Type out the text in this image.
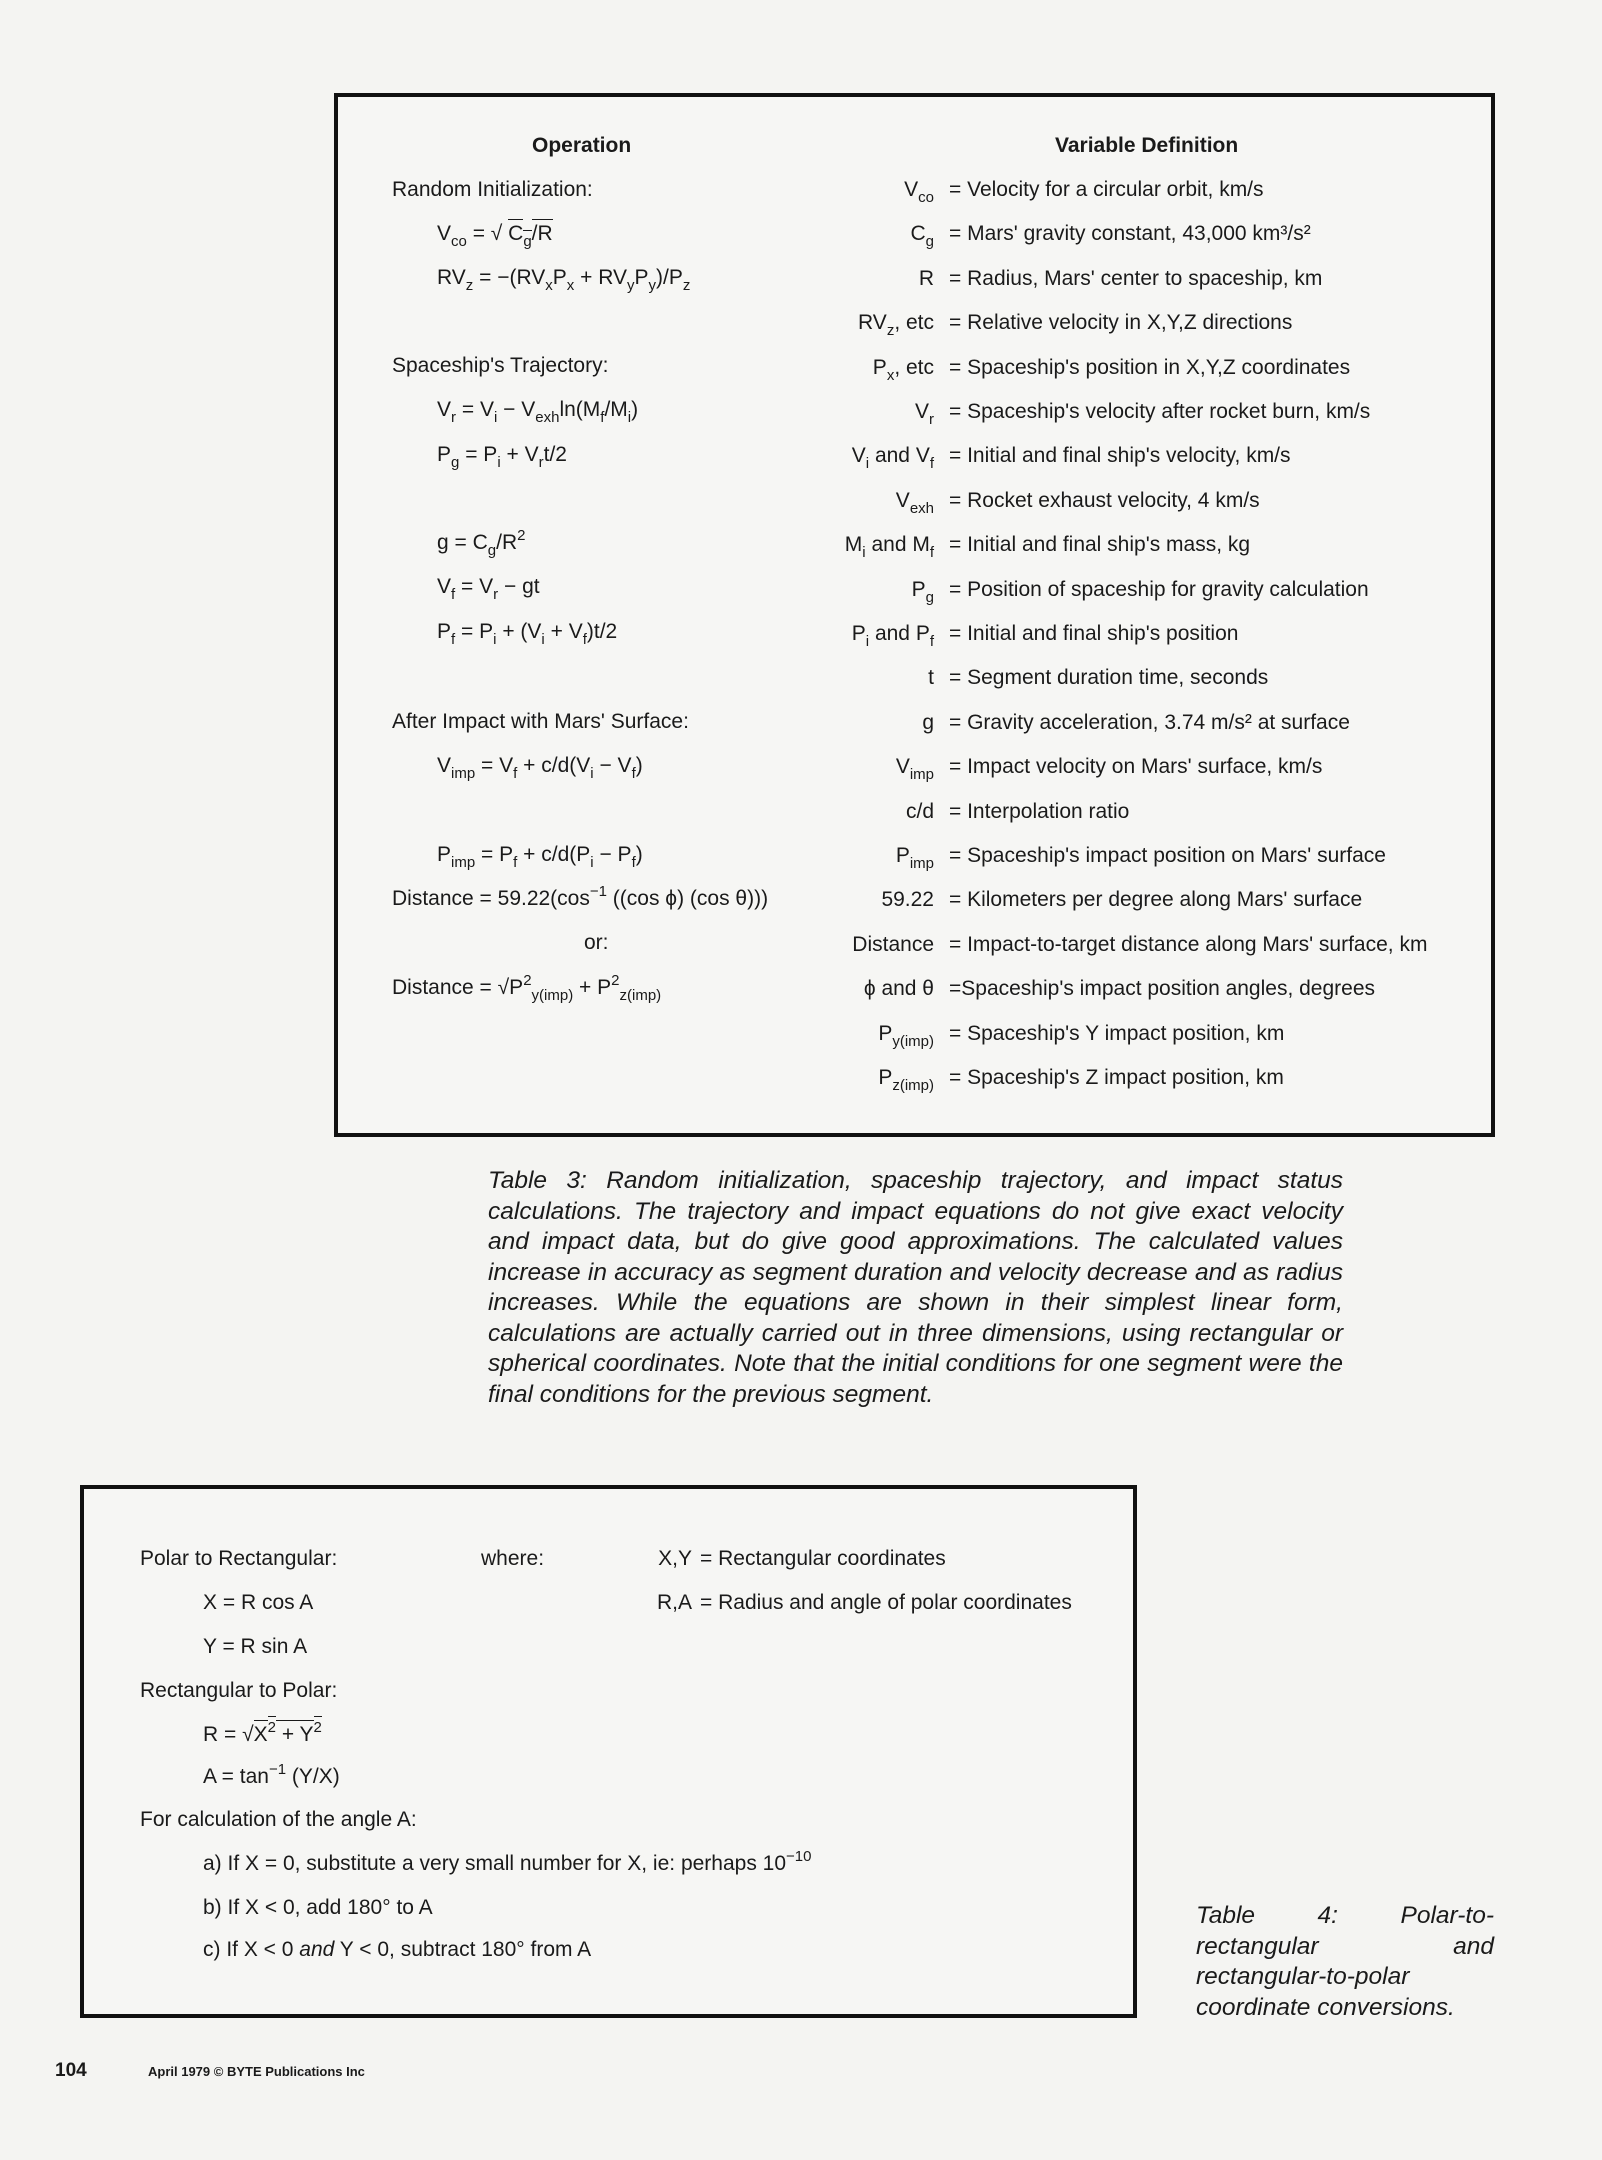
Operation	Variable Definition
Table 3: Random initialization, spaceship trajectory, and impact status calculations. The trajectory and impact equations do not give exact velocity and impact data, but do give good approximations. The calculated values increase in accuracy as segment duration and velocity decrease and as radius increases. While the equations are shown in their simplest linear form, calculations are actually carried out in three dimensions, using rectangular or spherical coordinates. Note that the initial conditions for one segment were the final conditions for the previous segment.
where:
Table 4: Polar-to-rectangular and rectangular-to-polar coordinate conversions.
104	April 1979 © BYTE Publications Inc
Random Initialization:
$V_{co}$ = √ $C_g/R$
$RV_z = -(RV_xP_x + RV_yP_y)/P_z$
Spaceship's Trajectory:
$V_r = V_i - V_{exh}\ln(M_f/M_i)$
$P_g = P_i + V_rt/2$
$g = C_g/R^2$
$V_f = V_r$ − gt
$P_f = P_i + (V_i + V_f)t/2$
After Impact with Mars' Surface:
$V_{imp} = V_f + c/d(V_i - V_f)$
$P_{imp} = P_f + c/d(P_i - P_f)$
Distance = $59.22(\cos^{-1}$ ((cos ϕ) (cos θ)))
or:
Distance = $√P^2_{y(imp)} + P^2_{z(imp)}$
$V_{co}$ = Velocity for a circular orbit, km/s
$C_g$ = Mars' gravity constant, 43,000 km³/s²
R = Radius, Mars' center to spaceship, km
$RV_z$, etc = Relative velocity in X,Y,Z directions
$P_x$, etc = Spaceship's position in X,Y,Z coordinates
$V_r$ = Spaceship's velocity after rocket burn, km/s
$V_i$ and $V_f$ = Initial and final ship's velocity, km/s
$V_{exh}$ = Rocket exhaust velocity, 4 km/s
$M_i$ and $M_f$ = Initial and final ship's mass, kg
$P_g$ = Position of spaceship for gravity calculation
$P_i$ and $P_f$ = Initial and final ship's position
t = Segment duration time, seconds
g = Gravity acceleration, 3.74 m/s² at surface
$V_{imp}$ = Impact velocity on Mars' surface, km/s
c/d = Interpolation ratio
$P_{imp}$ = Spaceship's impact position on Mars' surface
59.22 = Kilometers per degree along Mars' surface
Distance = Impact-to-target distance along Mars' surface, km
ϕ and θ =Spaceship's impact position angles, degrees
$P_{y(imp)}$ = Spaceship's Y impact position, km
$P_{z(imp)}$ = Spaceship's Z impact position, km
Polar to Rectangular:
X = R cos A
Y = R sin A
Rectangular to Polar:
$R = √X^2 + Y^2$
$A = \tan^{-1} (Y/X)$
For calculation of the angle A:
a) If X = 0, substitute a very small number for X, ie: perhaps $10^{-10}$
b) If X < 0, add 180° to A
c) If X < 0 and Y < 0, subtract 180° from A
X,Y = Rectangular coordinates
R,A = Radius and angle of polar coordinates
